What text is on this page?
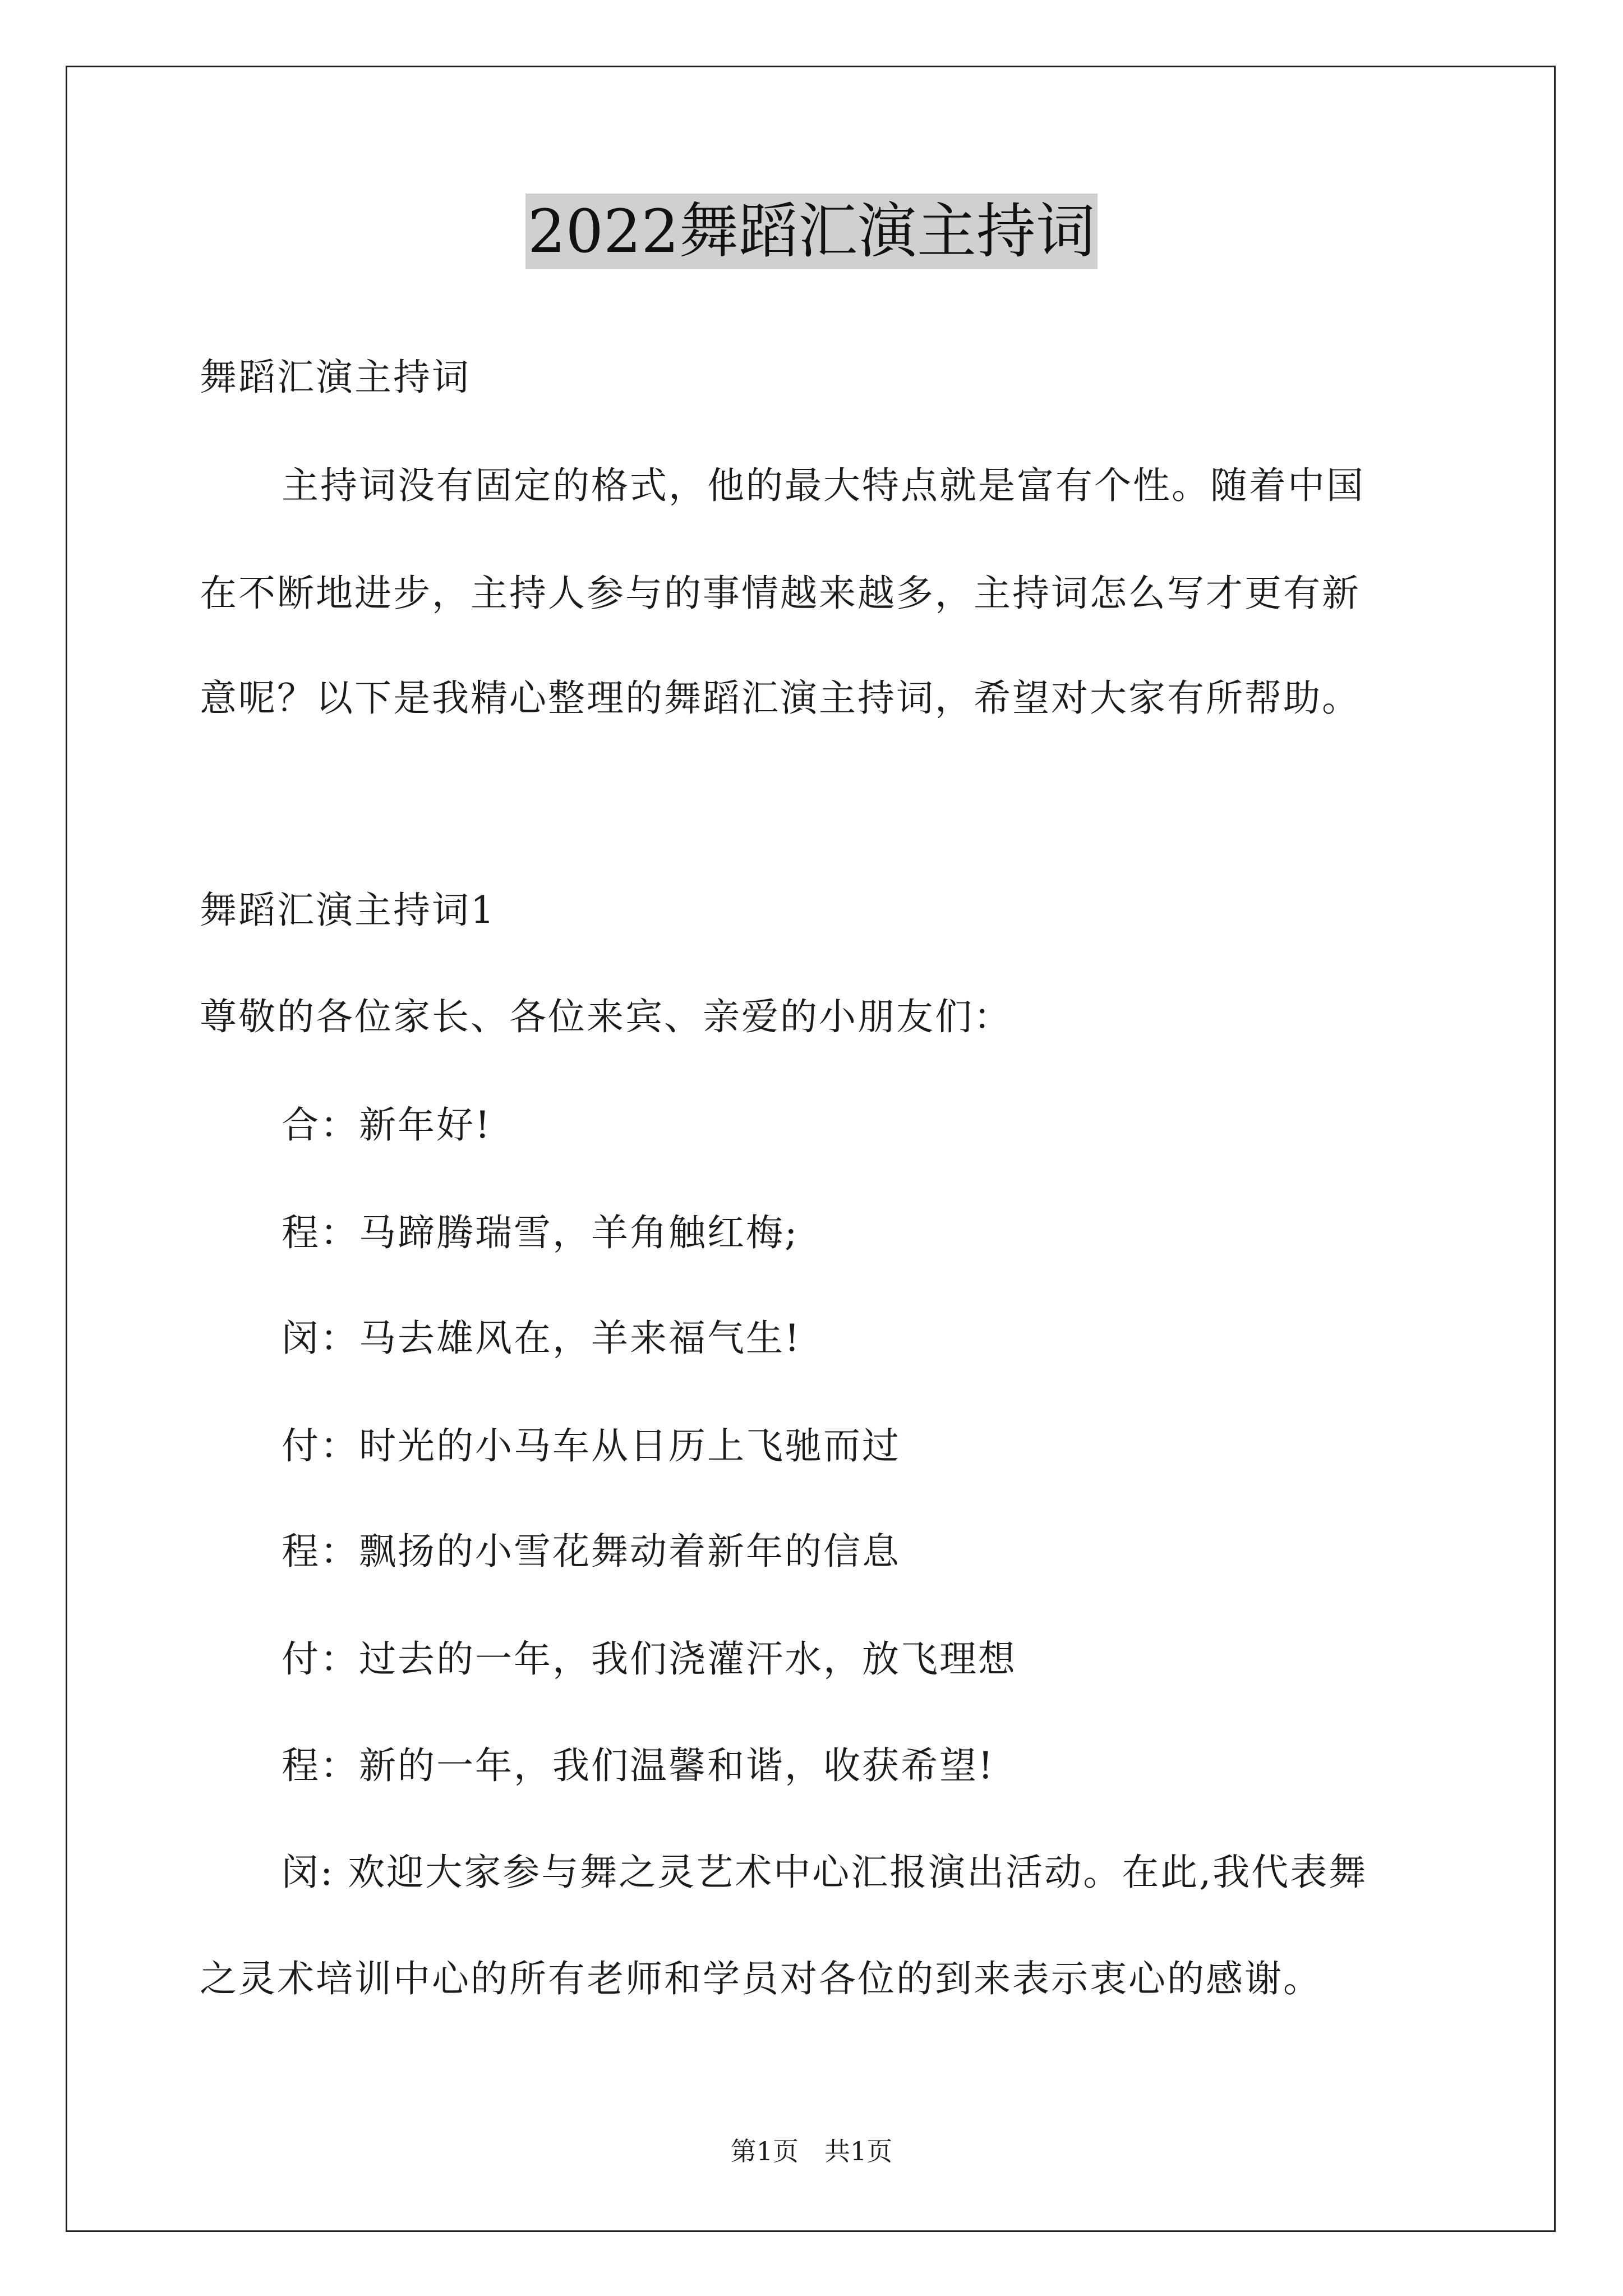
2022舞蹈汇演主持词
舞蹈汇演主持词
主持词没有固定的格式，他的最大特点就是富有个性。随着中国
在不断地进步，主持人参与的事情越来越多，主持词怎么写才更有新
意呢？以下是我精心整理的舞蹈汇演主持词，希望对大家有所帮助。
舞蹈汇演主持词1
尊敬的各位家长、各位来宾、亲爱的小朋友们：
合：新年好!
程：马蹄腾瑞雪，羊角触红梅;
闵：马去雄风在，羊来福气生!
付：时光的小马车从日历上飞驰而过
程：飘扬的小雪花舞动着新年的信息
付：过去的一年，我们浇灌汗水，放飞理想
程：新的一年，我们温馨和谐，收获希望!
闵: 欢迎大家参与舞之灵艺术中心汇报演出活动。在此,我代表舞
之灵术培训中心的所有老师和学员对各位的到来表示衷心的感谢。
第1页　共1页
